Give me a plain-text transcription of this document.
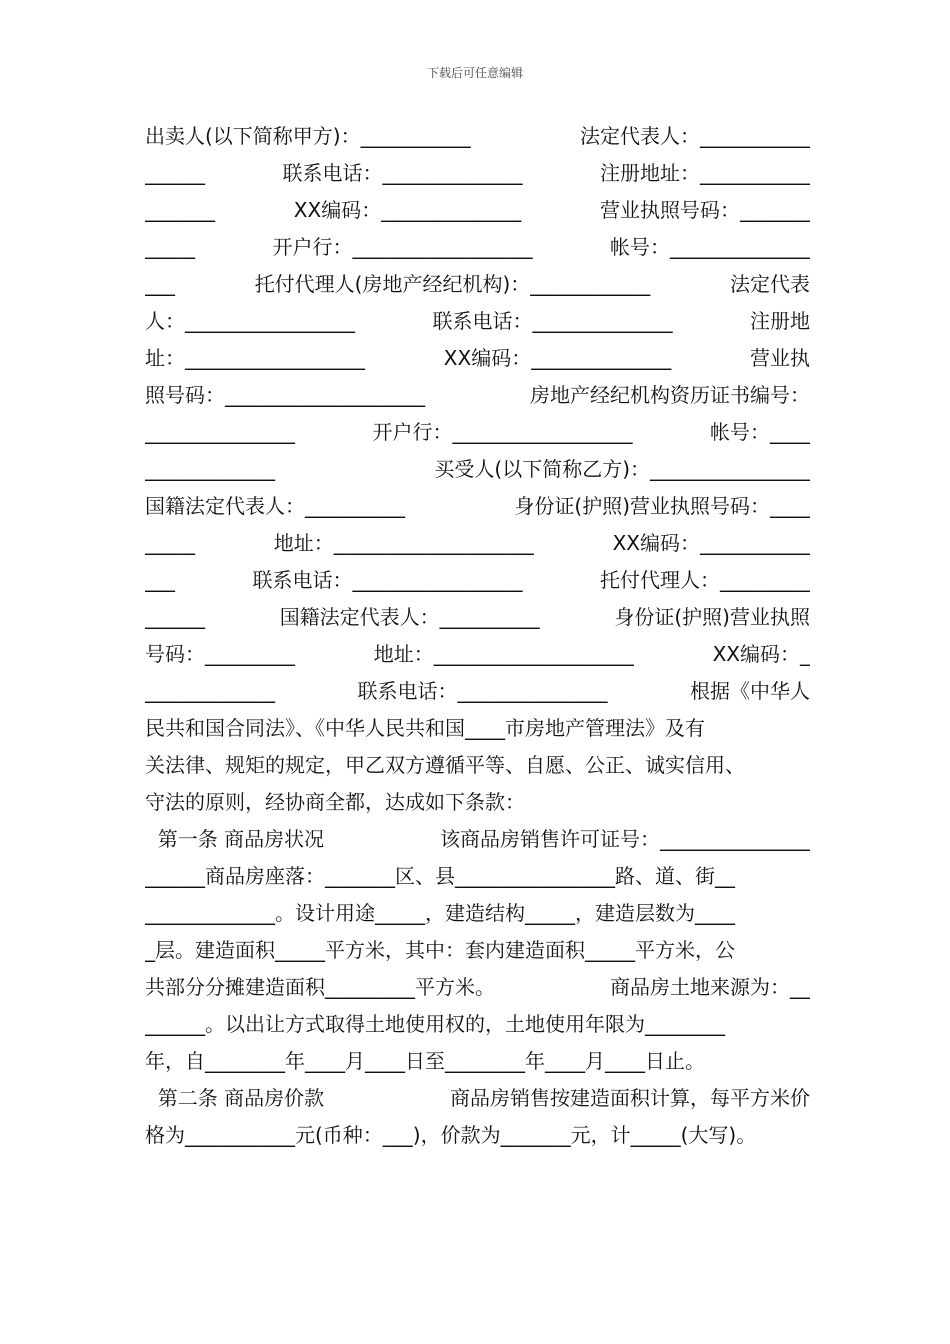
下载后可任意编辑
出卖人(以下简称甲方)：___________	法定代表人：___________
______	联系电话：______________	注册地址：___________
_______	XX编码：______________	营业执照号码：_______
_____	开户行：__________________	帐号：______________
___	托付代理人(房地产经纪机构)：____________	法定代表
人：_________________	联系电话：______________	注册地
址：__________________	XX编码：______________	营业执
照号码：____________________	房地产经纪机构资历证书编号：
_______________	开户行：__________________	帐号：____
_____________	买受人(以下简称乙方)：________________
国籍法定代表人：__________	身份证(护照)营业执照号码：____
_____	地址：____________________	XX编码：___________
___	联系电话：_________________	托付代理人：_________
______	国籍法定代表人：__________	身份证(护照)营业执照
号码：_________	地址：____________________	XX编码：_
_____________	联系电话：_______________	根据《中华人
民共和国合同法》、《中华人民共和国____市房地产管理法》及有
关法律、规矩的规定，甲乙双方遵循平等、自愿、公正、诚实信用、
守法的原则，经协商全都，达成如下条款：
第一条 商品房状况	该商品房销售许可证号：_______________
______商品房座落：_______区、县________________路、道、街__
_____________。设计用途_____，建造结构_____，建造层数为____
_层。建造面积_____平方米，其中：套内建造面积_____平方米，公
共部分分摊建造面积_________平方米。	商品房土地来源为：__
______。以出让方式取得土地使用权的，土地使用年限为________
年，自________年____月____日至________年____月____日止。
第二条 商品房价款	商品房销售按建造面积计算，每平方米价
格为___________元(币种：___)，价款为_______元，计_____(大写)。
